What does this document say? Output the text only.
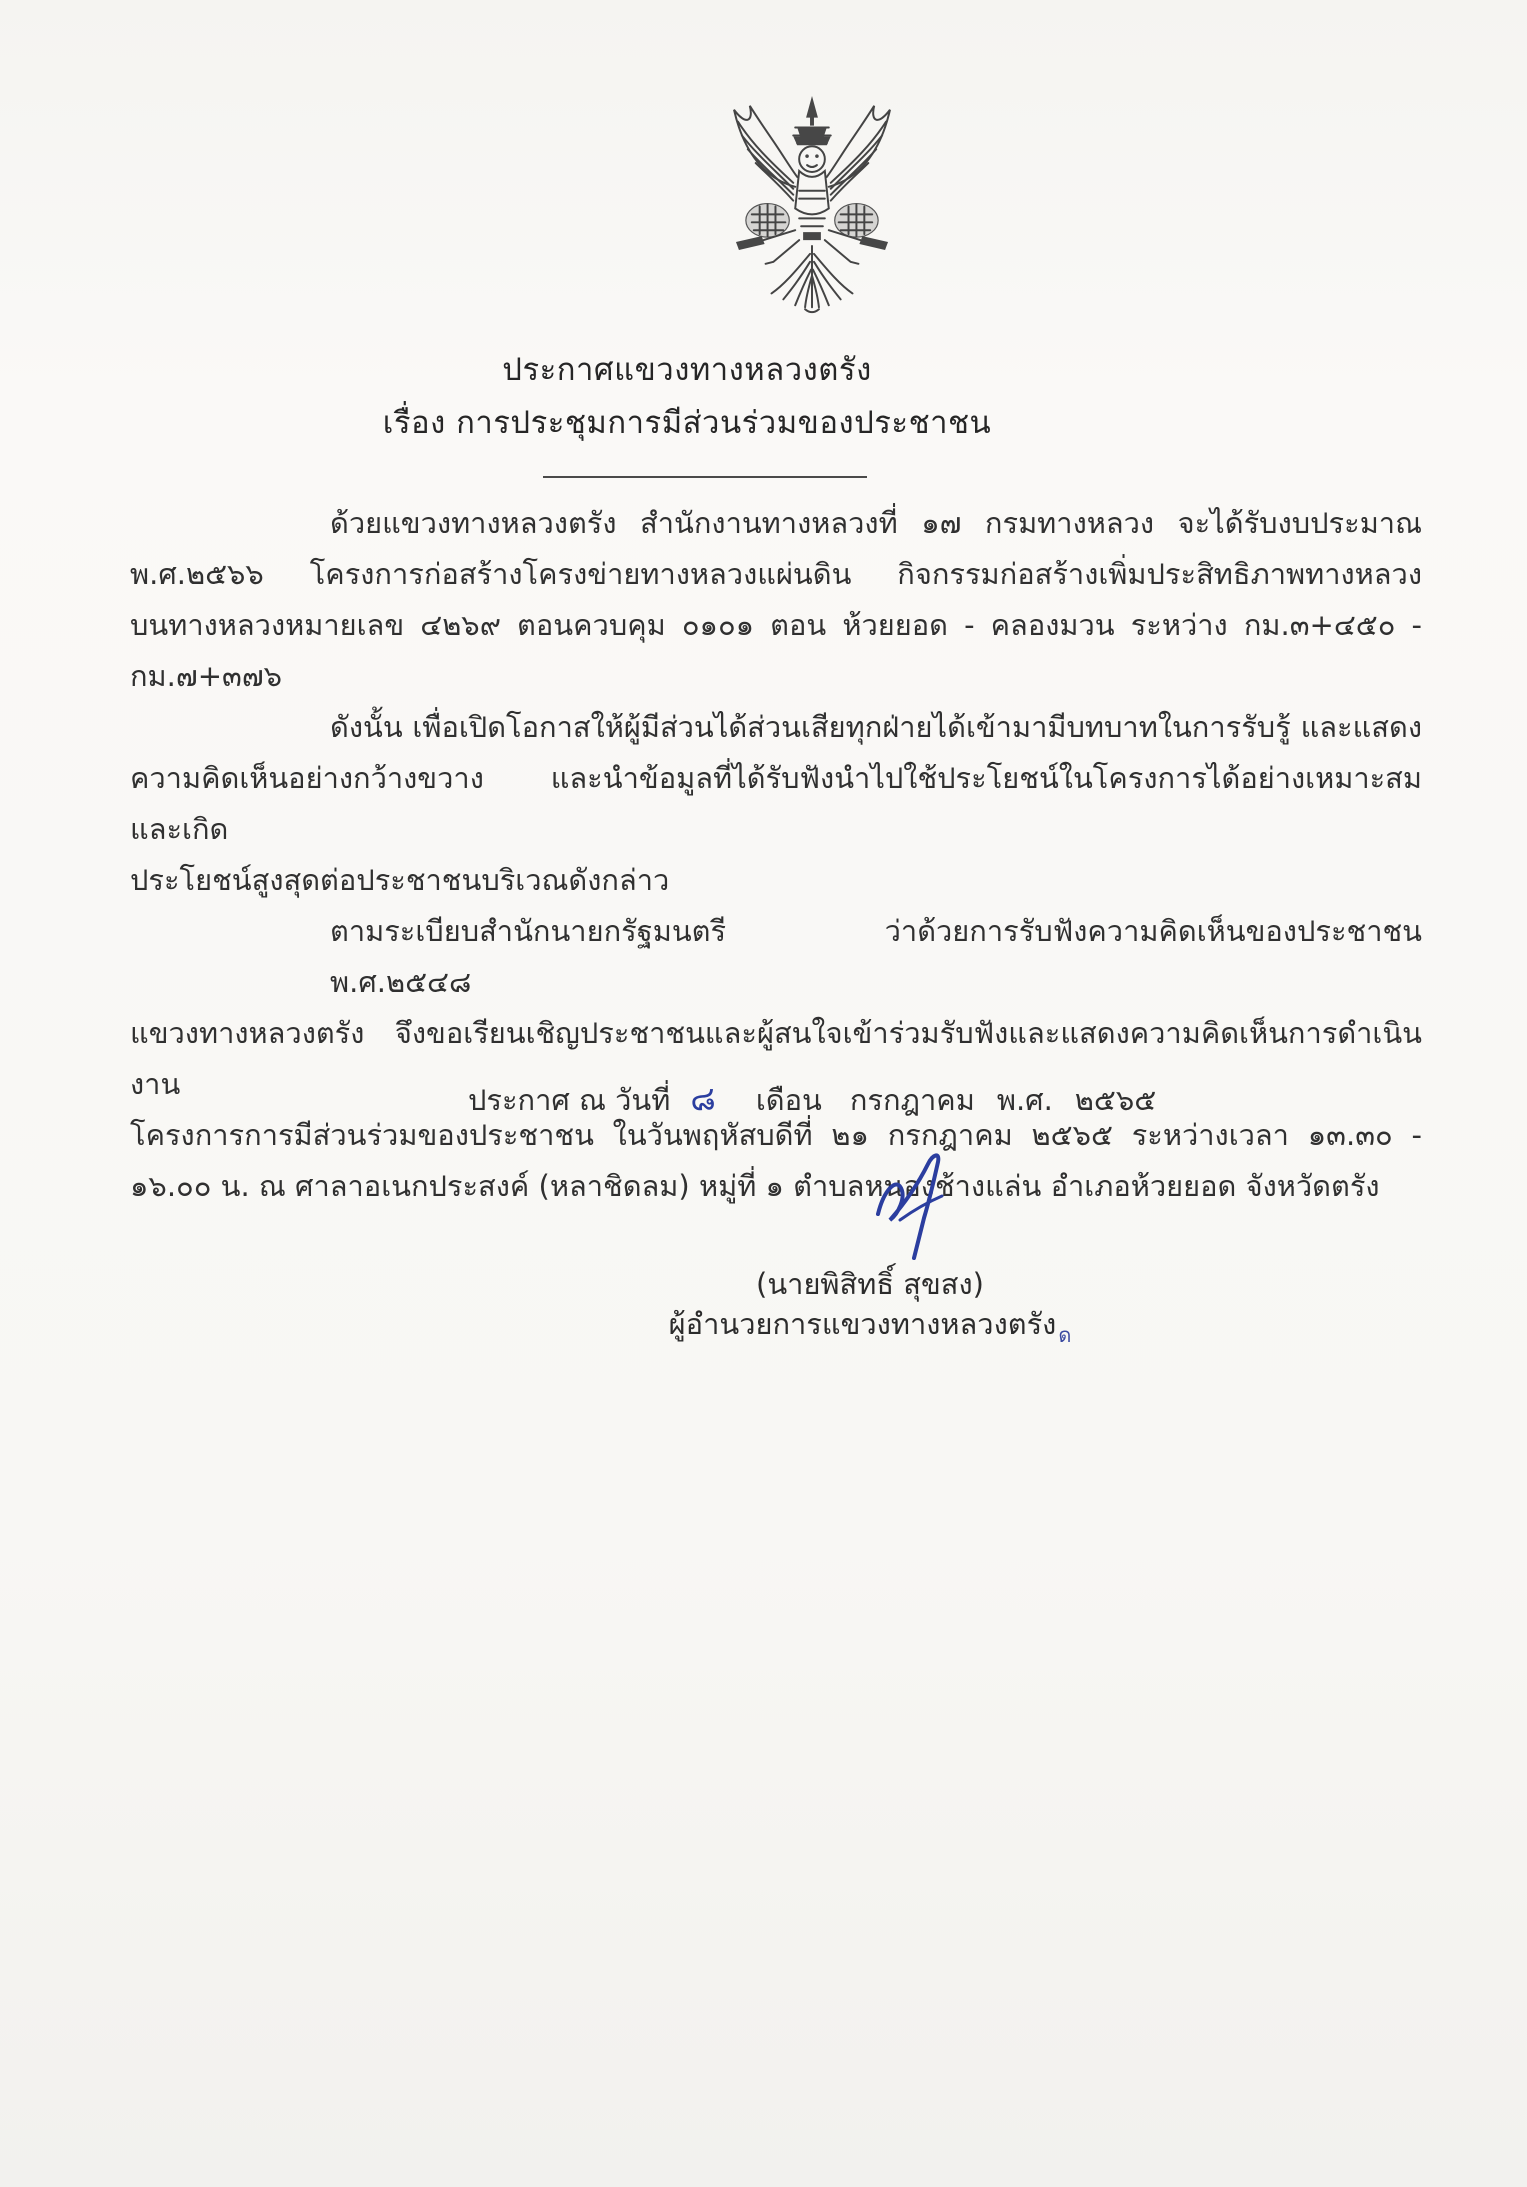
ประกาศแขวงทางหลวงตรัง
เรื่อง การประชุมการมีส่วนร่วมของประชาชน
ด้วยแขวงทางหลวงตรัง สำนักงานทางหลวงที่ ๑๗ กรมทางหลวง จะได้รับงบประมาณ
พ.ศ.๒๕๖๖ โครงการก่อสร้างโครงข่ายทางหลวงแผ่นดิน กิจกรรมก่อสร้างเพิ่มประสิทธิภาพทางหลวง
บนทางหลวงหมายเลข ๔๒๖๙ ตอนควบคุม ๐๑๐๑ ตอน ห้วยยอด - คลองมวน ระหว่าง กม.๓+๔๕๐ -
กม.๗+๓๗๖
ดังนั้น เพื่อเปิดโอกาสให้ผู้มีส่วนได้ส่วนเสียทุกฝ่ายได้เข้ามามีบทบาทในการรับรู้ และแสดง
ความคิดเห็นอย่างกว้างขวาง และนำข้อมูลที่ได้รับฟังนำไปใช้ประโยชน์ในโครงการได้อย่างเหมาะสม และเกิด
ประโยชน์สูงสุดต่อประชาชนบริเวณดังกล่าว
ตามระเบียบสำนักนายกรัฐมนตรี ว่าด้วยการรับฟังความคิดเห็นของประชาชน พ.ศ.๒๕๔๘
แขวงทางหลวงตรัง จึงขอเรียนเชิญประชาชนและผู้สนใจเข้าร่วมรับฟังและแสดงความคิดเห็นการดำเนินงาน
โครงการการมีส่วนร่วมของประชาชน ในวันพฤหัสบดีที่ ๒๑ กรกฎาคม ๒๕๖๕ ระหว่างเวลา ๑๓.๓๐ -
๑๖.๐๐ น. ณ ศาลาอเนกประสงค์ (หลาชิดลม) หมู่ที่ ๑ ตำบลหนองช้างแล่น อำเภอห้วยยอด จังหวัดตรัง
ประกาศ ณ วันที่ ๘ เดือน กรกฎาคม พ.ศ. ๒๕๖๕
(นายพิสิทธิ์ สุขสง)
ผู้อำนวยการแขวงทางหลวงตรัง ด
